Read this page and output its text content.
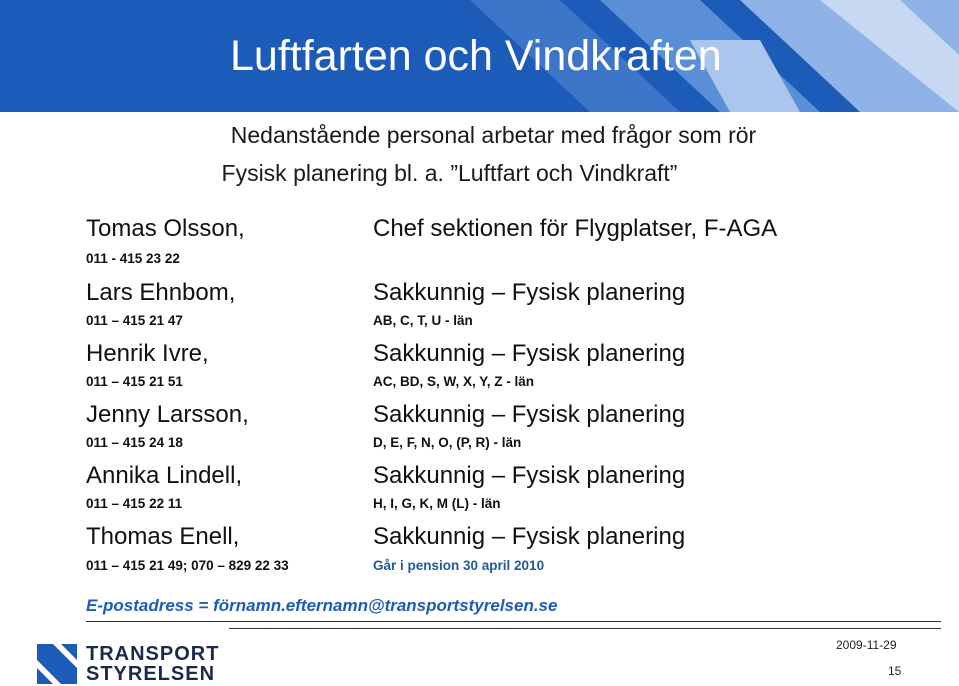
Luftfarten och Vindkraften
Nedanstående personal arbetar med frågor som rör
Fysisk planering bl. a. ”Luftfart och Vindkraft”
Tomas Olsson,	Chef sektionen för Flygplatser, F-AGA
011 - 415 23 22
Lars Ehnbom,	Sakkunnig – Fysisk planering
011 – 415 21 47	AB, C, T, U - län
Henrik Ivre,	Sakkunnig – Fysisk planering
011 – 415 21 51	AC, BD, S, W, X, Y, Z - län
Jenny Larsson,	Sakkunnig – Fysisk planering
011 – 415 24 18	D, E, F, N, O, (P, R) - län
Annika Lindell,	Sakkunnig – Fysisk planering
011 – 415 22 11	H, I, G, K, M (L) - län
Thomas Enell,	Sakkunnig – Fysisk planering
011 – 415 21 49; 070 – 829 22 33	Går i pension 30 april 2010
E-postadress = förnamn.efternamn@transportstyrelsen.se
TRANSPORT
STYRELSEN
2009-11-29
15
